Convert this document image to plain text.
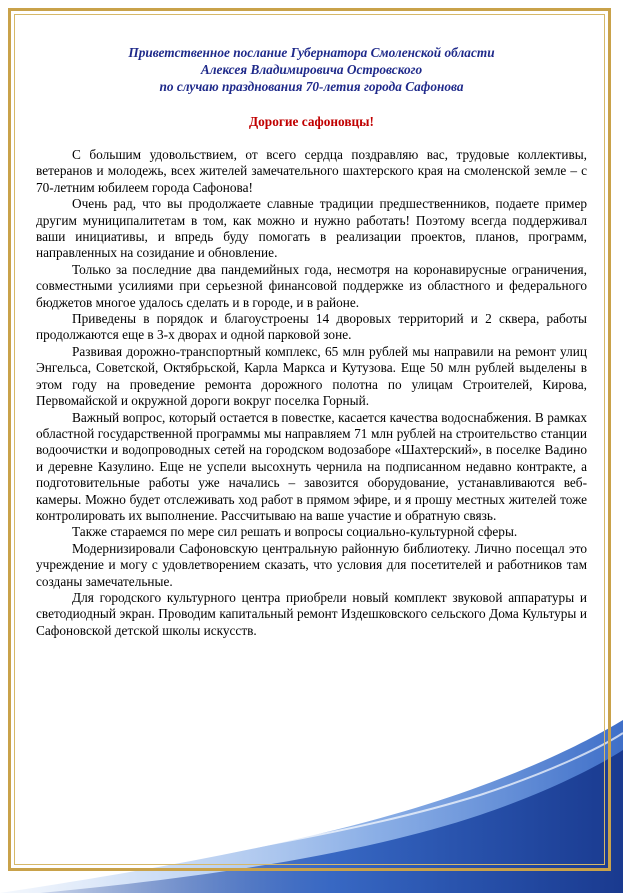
Приветственное послание Губернатора Смоленской области
Алексея Владимировича Островского
по случаю празднования 70-летия города Сафонова
Дорогие сафоновцы!

С большим удовольствием, от всего сердца поздравляю вас, трудовые коллективы, ветеранов и молодежь, всех жителей замечательного шахтерского края на смоленской земле – с 70-летним юбилеем города Сафонова!

Очень рад, что вы продолжаете славные традиции предшественников, подаете пример другим муниципалитетам в том, как можно и нужно работать! Поэтому всегда поддерживал ваши инициативы, и впредь буду помогать в реализации проектов, планов, программ, направленных на созидание и обновление.

Только за последние два пандемийных года, несмотря на коронавирусные ограничения, совместными усилиями при серьезной финансовой поддержке из областного и федерального бюджетов многое удалось сделать и в городе, и в районе.

Приведены в порядок и благоустроены 14 дворовых территорий и 2 сквера, работы продолжаются еще в 3-х дворах и одной парковой зоне.

Развивая дорожно-транспортный комплекс, 65 млн рублей мы направили на ремонт улиц Энгельса, Советской, Октябрьской, Карла Маркса и Кутузова. Еще 50 млн рублей выделены в этом году на проведение ремонта дорожного полотна по улицам Строителей, Кирова, Первомайской и окружной дороги вокруг поселка Горный.

Важный вопрос, который остается в повестке, касается качества водоснабжения. В рамках областной государственной программы мы направляем 71 млн рублей на строительство станции водоочистки и водопроводных сетей на городском водозаборе «Шахтерский», в поселке Вадино и деревне Казулино. Еще не успели высохнуть чернила на подписанном недавно контракте, а подготовительные работы уже начались – завозится оборудование, устанавливаются веб-камеры. Можно будет отслеживать ход работ в прямом эфире, и я прошу местных жителей тоже контролировать их выполнение. Рассчитываю на ваше участие и обратную связь.

Также стараемся по мере сил решать и вопросы социально-культурной сферы.

Модернизировали Сафоновскую центральную районную библиотеку. Лично посещал это учреждение и могу с удовлетворением сказать, что условия для посетителей и работников там созданы замечательные.

Для городского культурного центра приобрели новый комплект звуковой аппаратуры и светодиодный экран. Проводим капитальный ремонт Издешковского сельского Дома Культуры и Сафоновской детской школы искусств.
